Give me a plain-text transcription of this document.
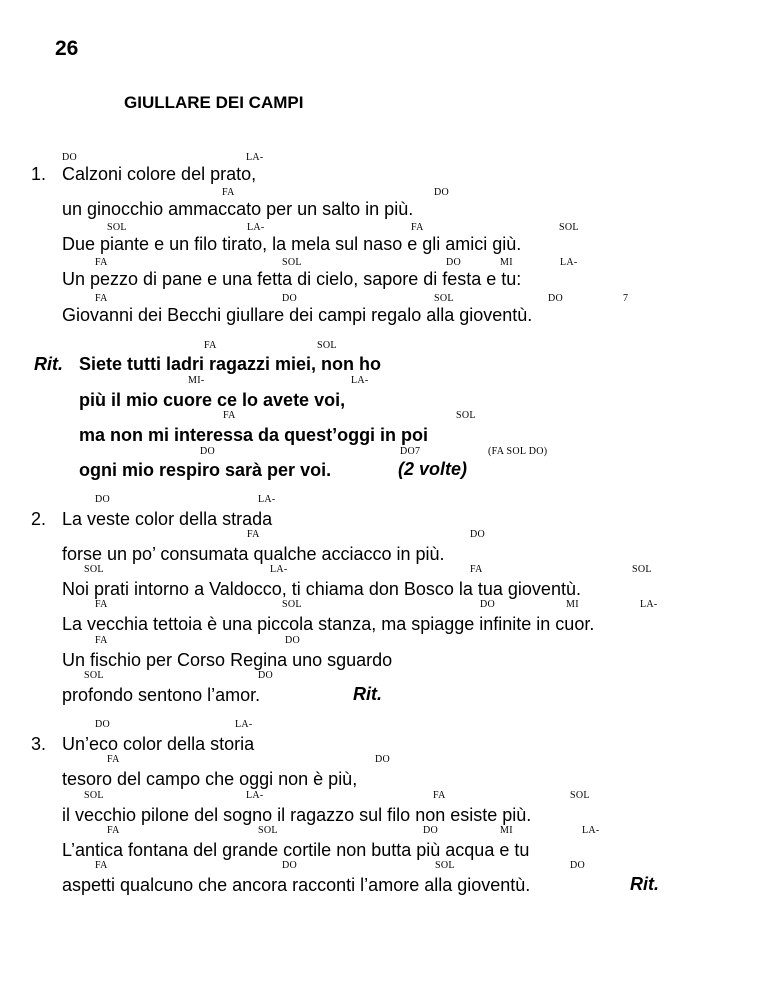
26
GIULLARE DEI CAMPI
DO	LA-
1. Calzoni colore del prato,
FA	DO
un ginocchio ammaccato per un salto in più.
SOL	LA-	FA	SOL
Due piante e un filo tirato, la mela sul naso e gli amici giù.
FA	SOL	DO	MI	LA-
Un pezzo di pane e una fetta di cielo, sapore di festa e tu:
FA	DO	SOL	DO	7
Giovanni dei Becchi giullare dei campi regalo alla gioventù.
FA	SOL
Rit. Siete tutti ladri ragazzi miei, non ho
MI-	LA-
più il mio cuore ce lo avete voi,
FA	SOL
ma non mi interessa da quest’oggi in poi
DO	DO7	(FA SOL DO)
ogni mio respiro sarà per voi.	(2 volte)
DO	LA-
2. La veste color della strada
FA	DO
forse un po’ consumata qualche acciacco in più.
SOL	LA-	FA	SOL
Noi prati intorno a Valdocco, ti chiama don Bosco la tua gioventù.
FA	SOL	DO	MI	LA-
La vecchia tettoia è una piccola stanza, ma spiagge infinite in cuor.
FA	DO
Un fischio per Corso Regina uno sguardo
SOL	DO
profondo sentono l’amor.	Rit.
DO	LA-
3. Un’eco color della storia
FA	DO
tesoro del campo che oggi non è più,
SOL	LA-	FA	SOL
il vecchio pilone del sogno il ragazzo sul filo non esiste più.
FA	SOL	DO	MI	LA-
L’antica fontana del grande cortile non butta più acqua e tu
FA	DO	SOL	DO
aspetti qualcuno che ancora racconti l’amore alla gioventù.	Rit.
